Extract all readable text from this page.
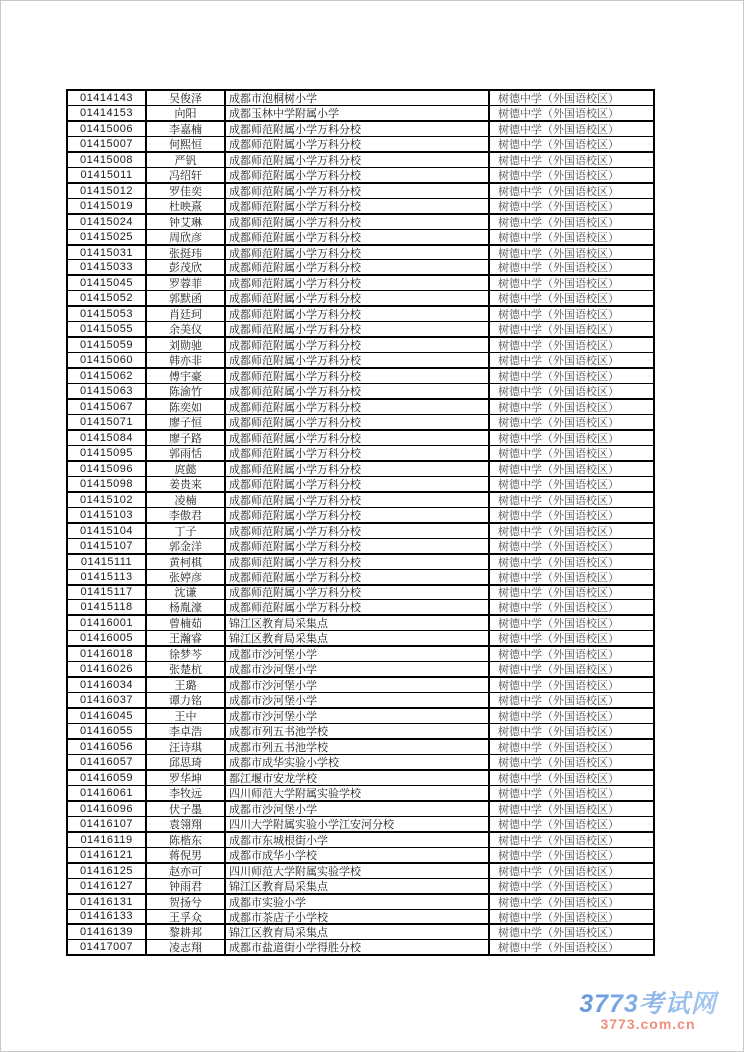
01414143	吴俊泽	成都市泡桐树小学	树德中学（外国语校区）
01414153	向阳	成都玉林中学附属小学	树德中学（外国语校区）
01415006	李嘉楠	成都师范附属小学万科分校	树德中学（外国语校区）
01415007	何熙恒	成都师范附属小学万科分校	树德中学（外国语校区）
01415008	严钒	成都师范附属小学万科分校	树德中学（外国语校区）
01415011	冯绍轩	成都师范附属小学万科分校	树德中学（外国语校区）
01415012	罗佳奕	成都师范附属小学万科分校	树德中学（外国语校区）
01415019	杜映熹	成都师范附属小学万科分校	树德中学（外国语校区）
01415024	钟艾琳	成都师范附属小学万科分校	树德中学（外国语校区）
01415025	周欣彦	成都师范附属小学万科分校	树德中学（外国语校区）
01415031	张挺玮	成都师范附属小学万科分校	树德中学（外国语校区）
01415033	彭茂欣	成都师范附属小学万科分校	树德中学（外国语校区）
01415045	罗蓉菲	成都师范附属小学万科分校	树德中学（外国语校区）
01415052	郭默函	成都师范附属小学万科分校	树德中学（外国语校区）
01415053	肖廷珂	成都师范附属小学万科分校	树德中学（外国语校区）
01415055	余美仪	成都师范附属小学万科分校	树德中学（外国语校区）
01415059	刘勋驰	成都师范附属小学万科分校	树德中学（外国语校区）
01415060	韩亦非	成都师范附属小学万科分校	树德中学（外国语校区）
01415062	傅宇豪	成都师范附属小学万科分校	树德中学（外国语校区）
01415063	陈渝竹	成都师范附属小学万科分校	树德中学（外国语校区）
01415067	陈奕如	成都师范附属小学万科分校	树德中学（外国语校区）
01415071	廖子恒	成都师范附属小学万科分校	树德中学（外国语校区）
01415084	廖子路	成都师范附属小学万科分校	树德中学（外国语校区）
01415095	郭雨恬	成都师范附属小学万科分校	树德中学（外国语校区）
01415096	庹懿	成都师范附属小学万科分校	树德中学（外国语校区）
01415098	姜贵来	成都师范附属小学万科分校	树德中学（外国语校区）
01415102	凌楠	成都师范附属小学万科分校	树德中学（外国语校区）
01415103	李傲君	成都师范附属小学万科分校	树德中学（外国语校区）
01415104	丁子	成都师范附属小学万科分校	树德中学（外国语校区）
01415107	郭金洋	成都师范附属小学万科分校	树德中学（外国语校区）
01415111	黄柯棋	成都师范附属小学万科分校	树德中学（外国语校区）
01415113	张婷彦	成都师范附属小学万科分校	树德中学（外国语校区）
01415117	沈谦	成都师范附属小学万科分校	树德中学（外国语校区）
01415118	杨胤濠	成都师范附属小学万科分校	树德中学（外国语校区）
01416001	曾楠茹	锦江区教育局采集点	树德中学（外国语校区）
01416005	王瀚睿	锦江区教育局采集点	树德中学（外国语校区）
01416018	徐梦芩	成都市沙河堡小学	树德中学（外国语校区）
01416026	张楚杭	成都市沙河堡小学	树德中学（外国语校区）
01416034	王璐	成都市沙河堡小学	树德中学（外国语校区）
01416037	谭力铭	成都市沙河堡小学	树德中学（外国语校区）
01416045	王中	成都市沙河堡小学	树德中学（外国语校区）
01416055	李卓浩	成都市列五书池学校	树德中学（外国语校区）
01416056	汪诗琪	成都市列五书池学校	树德中学（外国语校区）
01416057	邱思琦	成都市成华实验小学校	树德中学（外国语校区）
01416059	罗华坤	都江堰市安龙学校	树德中学（外国语校区）
01416061	李牧远	四川师范大学附属实验学校	树德中学（外国语校区）
01416096	伏子墨	成都市沙河堡小学	树德中学（外国语校区）
01416107	袁翎翔	四川大学附属实验小学江安河分校	树德中学（外国语校区）
01416119	陈楷东	成都市东城根街小学	树德中学（外国语校区）
01416121	蒋倪男	成都市成华小学校	树德中学（外国语校区）
01416125	赵亦可	四川师范大学附属实验学校	树德中学（外国语校区）
01416127	钟雨君	锦江区教育局采集点	树德中学（外国语校区）
01416131	贺扬兮	成都市实验小学	树德中学（外国语校区）
01416133	王孚众	成都市茶店子小学校	树德中学（外国语校区）
01416139	黎耕邦	锦江区教育局采集点	树德中学（外国语校区）
01417007	凌志翔	成都市盐道街小学得胜分校	树德中学（外国语校区）
3773考试网
3773.com.cn
